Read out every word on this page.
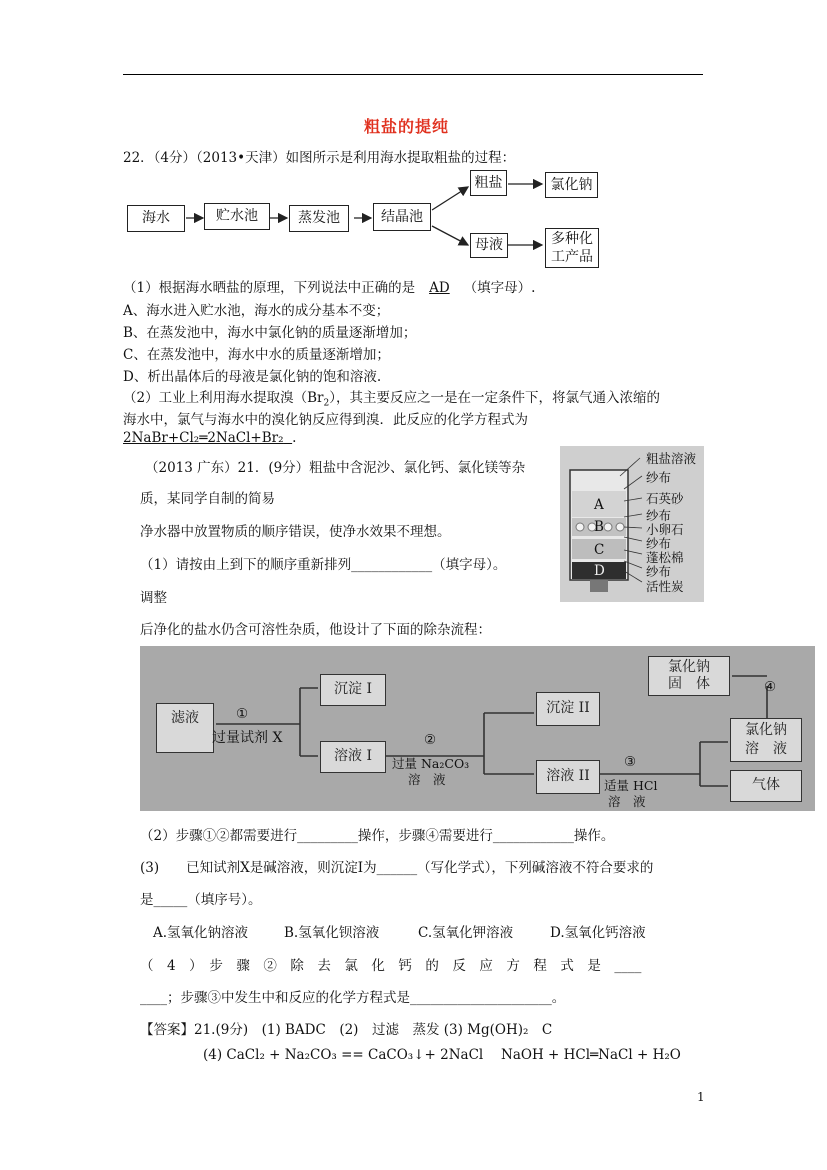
粗盐的提纯
22．（4分）（2013•天津）如图所示是利用海水提取粗盐的过程：
海水	贮水池	蒸发池	结晶池
粗盐	氯化钠
母液	多种化
工产品
（1）根据海水晒盐的原理，下列说法中正确的是 AD （填字母）.
A、海水进入贮水池，海水的成分基本不变；
B、在蒸发池中，海水中氯化钠的质量逐渐增加；
C、在蒸发池中，海水中水的质量逐渐增加；
D、析出晶体后的母液是氯化钠的饱和溶液.
（2）工业上利用海水提取溴$(Br_2)$，其主要反应之一是在一定条件下，将氯气通入浓缩的
海水中，氯气与海水中的溴化钠反应得到溴．此反应的化学方程式为
2NaBr+Cl₂═2NaCl+Br₂ .
（2013 广东）21．(9分）粗盐中含泥沙、氯化钙、氯化镁等杂
质，某同学自制的简易
净水器中放置物质的顺序错误，使净水效果不理想。
（1）请按由上到下的顺序重新排列____________（填字母）。
调整
后净化的盐水仍含可溶性杂质，他设计了下面的除杂流程：
粗盐溶液
纱布
石英砂
纱布
小卵石
纱布
蓬松棉
纱布
活性炭
A
B
C
D
滤液	①
过量试剂 X
沉淀 I
溶液 I
②
过量 Na₂CO₃
溶　液
沉淀 II
溶液 II
③
适量 HCl
溶　液
氯化钠
溶　液
气体
④
氯化钠
固　体
（2）步骤①②都需要进行_________操作，步骤④需要进行____________操作。
(3)　　已知试剂X是碱溶液，则沉淀I为______（写化学式），下列碱溶液不符合要求的
是_____（填序号）。
A.氢氧化钠溶液	B.氢氧化钡溶液	C.氢氧化钾溶液	D.氢氧化钙溶液
（　4　）　步　骤　②　除　去　氯　化　钙　的　反　应　方　程　式　是　____
____；步骤③中发生中和反应的化学方程式是_____________________。
【答案】21.(9分)　(1) BADC　(2)　过滤　蒸发 (3) Mg(OH)₂　C
(4) CaCl₂ + Na₂CO₃ == CaCO₃↓+ 2NaCl　 NaOH + HCl═NaCl + H₂O
1
